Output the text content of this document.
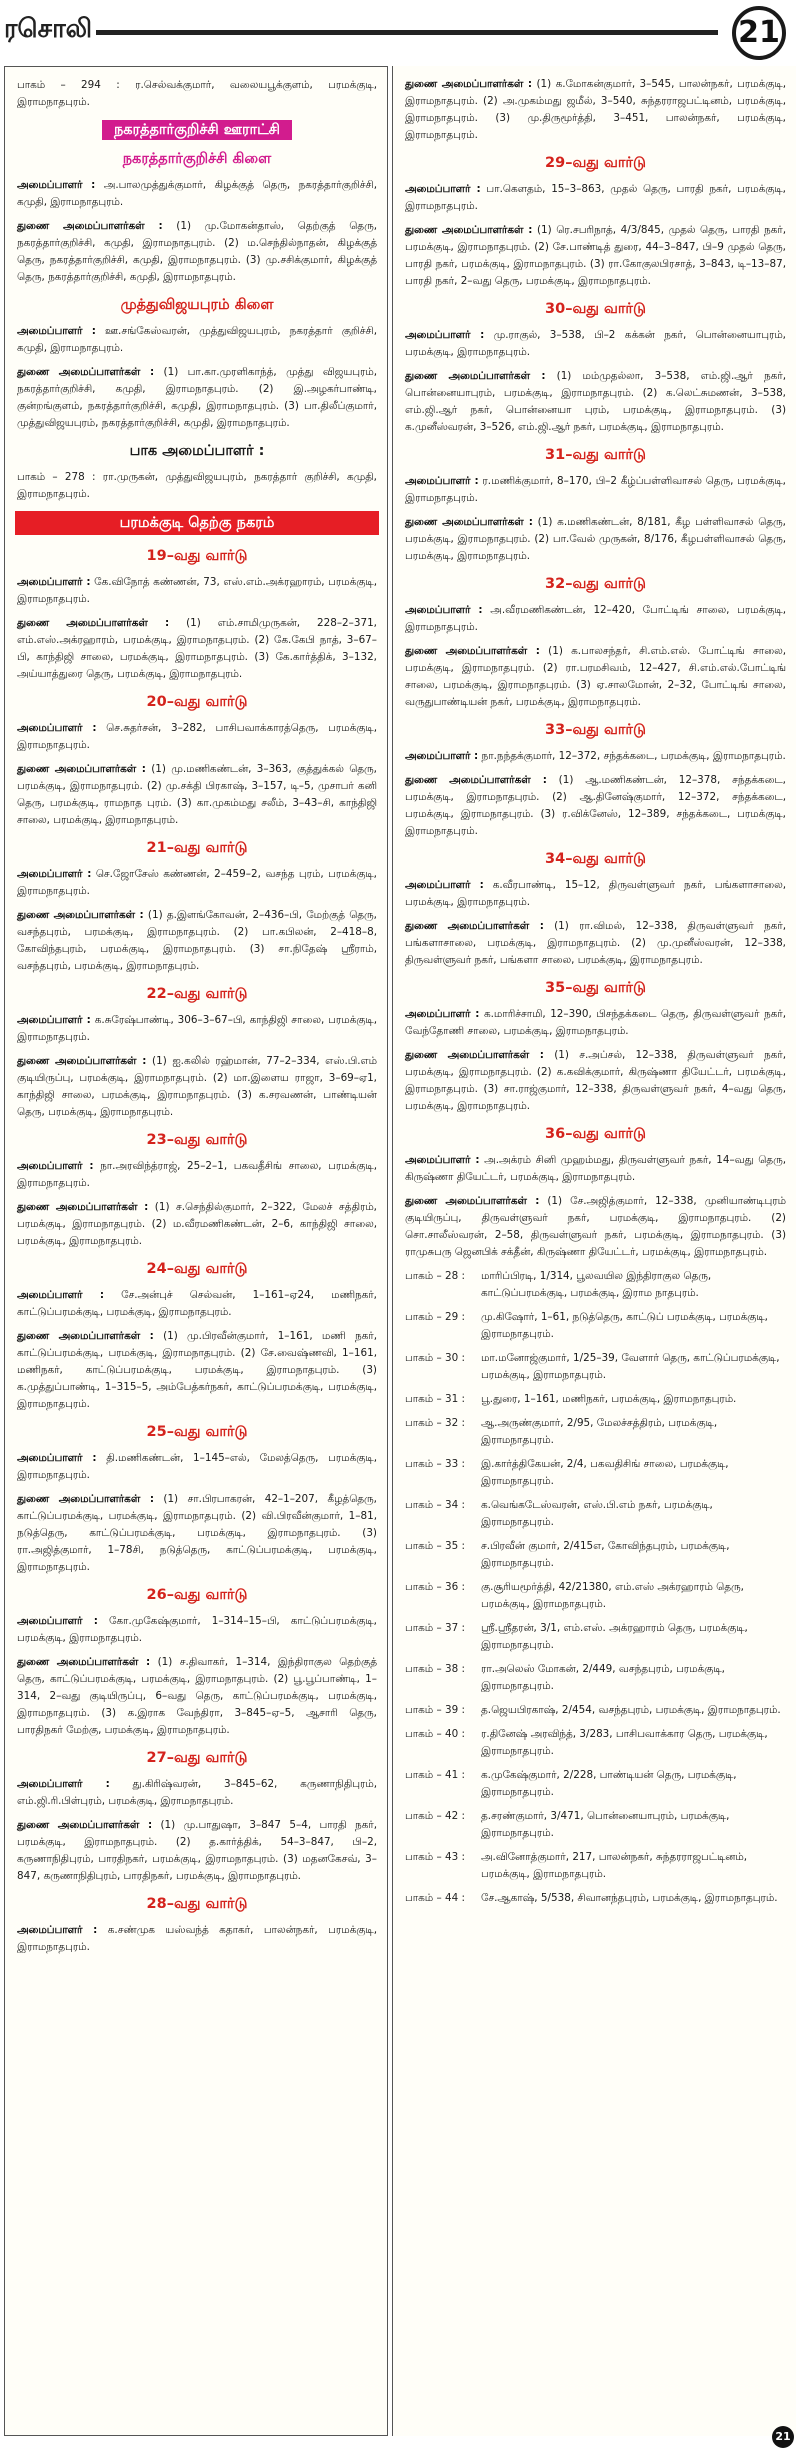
ரசொலி	21
பாகம் – 294 : ர.செல்வக்குமார், வலையபூக்குளம், பரமக்குடி, இராமநாதபுரம்.
நகரத்தார்குறிச்சி ஊராட்சி
நகரத்தார்குறிச்சி கிளை
அமைப்பாளர் : அ.பாலமுத்துக்குமார், கிழக்குத் தெரு, நகரத்தார்குறிச்சி, கமுதி, இராமநாதபுரம்.
துணை அமைப்பாளர்கள் : (1) மு.மோகன்தாஸ், தெற்குத் தெரு, நகரத்தார்குறிச்சி, கமுதி, இராமநாதபுரம். (2) ம.செந்தில்நாதன், கிழக்குத் தெரு, நகரத்தார்குறிச்சி, கமுதி, இராமநாதபுரம். (3) மு.சசிக்குமார், கிழக்குத் தெரு, நகரத்தார்குறிச்சி, கமுதி, இராமநாதபுரம்.
முத்துவிஜயபுரம் கிளை
அமைப்பாளர் : ஊ.சங்கேஸ்வரன், முத்துவிஜயபுரம், நகரத்தார் குறிச்சி, கமுதி, இராமநாதபுரம்.
துணை அமைப்பாளர்கள் : (1) பா.கா.முரளிகாந்த், முத்து விஜயபுரம், நகரத்தார்குறிச்சி, கமுதி, இராமநாதபுரம். (2) இ.அழகர்பாண்டி, குன்றங்குளம், நகரத்தார்குறிச்சி, கமுதி, இராமநாதபுரம். (3) பா.திலீப்குமார், முத்துவிஜயபுரம், நகரத்தார்குறிச்சி, கமுதி, இராமநாதபுரம்.
பாக அமைப்பாளர் :
பாகம் – 278 : ரா.முருகன், முத்துவிஜயபுரம், நகரத்தார் குறிச்சி, கமுதி, இராமநாதபுரம்.
பரமக்குடி தெற்கு நகரம்
19–வது வார்டு
அமைப்பாளர் : கே.விநோத் கண்ணன், 73, எஸ்.எம்.அக்ரஹாரம், பரமக்குடி, இராமநாதபுரம்.
துணை அமைப்பாளர்கள் : (1) எம்.சாமிமுருகன், 228–2–371, எம்.எஸ்.அக்ரஹாரம், பரமக்குடி, இராமநாதபுரம். (2) கே.கேபி நாத், 3–67–பி, காந்திஜி சாலை, பரமக்குடி, இராமநாதபுரம். (3) கே.கார்த்திக், 3–132, அய்யாத்துரை தெரு, பரமக்குடி, இராமநாதபுரம்.
20–வது வார்டு
அமைப்பாளர் : செ.சுதர்சன், 3–282, பாசிபவாக்காரத்தெரு, பரமக்குடி, இராமநாதபுரம்.
துணை அமைப்பாளர்கள் : (1) மு.மணிகண்டன், 3–363, குத்துக்கல் தெரு, பரமக்குடி, இராமநாதபுரம். (2) மு.சக்தி பிரகாஷ், 3–157, டி–5, முசாபர் கனி தெரு, பரமக்குடி, ராமநாத புரம். (3) கா.முகம்மது சலீம், 3–43–சி, காந்திஜி சாலை, பரமக்குடி, இராமநாதபுரம்.
21–வது வார்டு
அமைப்பாளர் : செ.ஜோசேஸ் கண்ணன், 2–459–2, வசந்த புரம், பரமக்குடி, இராமநாதபுரம்.
துணை அமைப்பாளர்கள் : (1) த.இளங்கோவன், 2–436–பி, மேற்குத் தெரு, வசந்தபுரம், பரமக்குடி, இராமநாதபுரம். (2) பா.கபிலன், 2–418–8, கோவிந்தபுரம், பரமக்குடி, இராமநாதபுரம். (3) சா.நிதேஷ் ஸ்ரீராம், வசந்தபுரம், பரமக்குடி, இராமநாதபுரம்.
22–வது வார்டு
அமைப்பாளர் : க.சுரேஷ்பாண்டி, 306–3–67–பி, காந்திஜி சாலை, பரமக்குடி, இராமநாதபுரம்.
துணை அமைப்பாளர்கள் : (1) ஐ.கலில் ரஹ்மான், 77–2–334, எஸ்.பி.எம் குடியிருப்பு, பரமக்குடி, இராமநாதபுரம். (2) மா.இளைய ராஜா, 3–69–ஏ1, காந்திஜி சாலை, பரமக்குடி, இராமநாதபுரம். (3) க.சரவணன், பாண்டியன் தெரு, பரமக்குடி, இராமநாதபுரம்.
23–வது வார்டு
அமைப்பாளர் : நா.அரவிந்த்ராஜ், 25–2–1, பகவதீசிங் சாலை, பரமக்குடி, இராமநாதபுரம்.
துணை அமைப்பாளர்கள் : (1) ச.செந்தில்குமார், 2–322, மேலச் சத்திரம், பரமக்குடி, இராமநாதபுரம். (2) ம.வீரமணிகண்டன், 2–6, காந்திஜி சாலை, பரமக்குடி, இராமநாதபுரம்.
24–வது வார்டு
அமைப்பாளர் : சே.அன்புச் செல்வன், 1–161–ஏ24, மணிநகர், காட்டுப்பரமக்குடி, பரமக்குடி, இராமநாதபுரம்.
துணை அமைப்பாளர்கள் : (1) மு.பிரவீன்குமார், 1–161, மணி நகர், காட்டுப்பரமக்குடி, பரமக்குடி, இராமநாதபுரம். (2) சே.வைஷ்ணவி, 1–161, மணிநகர், காட்டுப்பரமக்குடி, பரமக்குடி, இராமநாதபுரம். (3) க.முத்துப்பாண்டி, 1–315–5, அம்பேத்கர்நகர், காட்டுப்பரமக்குடி, பரமக்குடி, இராமநாதபுரம்.
25–வது வார்டு
அமைப்பாளர் : தி.மணிகண்டன், 1–145–எல், மேலத்தெரு, பரமக்குடி, இராமநாதபுரம்.
துணை அமைப்பாளர்கள் : (1) சா.பிரபாகரன், 42–1–207, கீழத்தெரு, காட்டுப்பரமக்குடி, பரமக்குடி, இராமநாதபுரம். (2) வி.பிரவீன்குமார், 1–81, நடுத்தெரு, காட்டுப்பரமக்குடி, பரமக்குடி, இராமநாதபுரம். (3) ரா.அஜித்குமார், 1–78சி, நடுத்தெரு, காட்டுப்பரமக்குடி, பரமக்குடி, இராமநாதபுரம்.
26–வது வார்டு
அமைப்பாளர் : கோ.முகேஷ்குமார், 1–314–15–பி, காட்டுப்பரமக்குடி, பரமக்குடி, இராமநாதபுரம்.
துணை அமைப்பாளர்கள் : (1) ச.திவாகர், 1–314, இந்திராகுல தெற்குத் தெரு, காட்டுப்பரமக்குடி, பரமக்குடி, இராமநாதபுரம். (2) பூ.பூப்பாண்டி, 1–314, 2–வது குடியிருப்பு, 6–வது தெரு, காட்டுப்பரமக்குடி, பரமக்குடி, இராமநாதபுரம். (3) க.இராக வேந்திரா, 3–845–ஏ–5, ஆசாரி தெரு, பாரதிநகர் மேற்கு, பரமக்குடி, இராமநாதபுரம்.
27–வது வார்டு
அமைப்பாளர் : து.கிரிஷ்வரன், 3–845–62, கருணாநிதிபுரம், எம்.ஜி.ரி.பிள்புரம், பரமக்குடி, இராமநாதபுரம்.
துணை அமைப்பாளர்கள் : (1) மு.பாதுஷா, 3–847 5–4, பாரதி நகர், பரமக்குடி, இராமநாதபுரம். (2) த.கார்த்திக், 54–3–847, பி–2, கருணாநிதிபுரம், பாரதிநகர், பரமக்குடி, இராமநாதபுரம். (3) மதனகேசவ், 3–847, கருணாநிதிபுரம், பாரதிநகர், பரமக்குடி, இராமநாதபுரம்.
28–வது வார்டு
அமைப்பாளர் : க.சண்முக யஸ்வந்த் கதாகர், பாலன்நகர், பரமக்குடி, இராமநாதபுரம்.
துணை அமைப்பாளர்கள் : (1) க.மோகன்குமார், 3–545, பாலன்நகர், பரமக்குடி, இராமநாதபுரம். (2) அ.முகம்மது ஜமீல், 3–540, சுந்தரராஜபட்டினம், பரமக்குடி, இராமநாதபுரம். (3) மு.திருமூர்த்தி, 3–451, பாலன்நகர், பரமக்குடி, இராமநாதபுரம்.
29–வது வார்டு
அமைப்பாளர் : பா.கௌதம், 15–3–863, முதல் தெரு, பாரதி நகர், பரமக்குடி, இராமநாதபுரம்.
துணை அமைப்பாளர்கள் : (1) ரெ.சபரிநாத், 4/3/845, முதல் தெரு, பாரதி நகர், பரமக்குடி, இராமநாதபுரம். (2) சே.பாண்டித் துரை, 44–3–847, பி–9 முதல் தெரு, பாரதி நகர், பரமக்குடி, இராமநாதபுரம். (3) ரா.கோகுலபிரசாத், 3–843, டி–13–87, பாரதி நகர், 2–வது தெரு, பரமக்குடி, இராமநாதபுரம்.
30–வது வார்டு
அமைப்பாளர் : மு.ராகுல், 3–538, பி–2 கக்கன் நகர், பொன்னையாபுரம், பரமக்குடி, இராமநாதபுரம்.
துணை அமைப்பாளர்கள் : (1) மம்முதல்லா, 3–538, எம்.ஜி.ஆர் நகர், பொன்னையாபுரம், பரமக்குடி, இராமநாதபுரம். (2) க.லெட்சுமணன், 3–538, எம்.ஜி.ஆர் நகர், பொன்னையா புரம், பரமக்குடி, இராமநாதபுரம். (3) க.முனீஸ்வரன், 3–526, எம்.ஜி.ஆர் நகர், பரமக்குடி, இராமநாதபுரம்.
31–வது வார்டு
அமைப்பாளர் : ர.மணிக்குமார், 8–170, பி–2 கீழ்ப்பள்ளிவாசல் தெரு, பரமக்குடி, இராமநாதபுரம்.
துணை அமைப்பாளர்கள் : (1) க.மணிகண்டன், 8/181, கீழ பள்ளிவாசல் தெரு, பரமக்குடி, இராமநாதபுரம். (2) பா.வேல் முருகன், 8/176, கீழபள்ளிவாசல் தெரு, பரமக்குடி, இராமநாதபுரம்.
32–வது வார்டு
அமைப்பாளர் : அ.வீரமணிகண்டன், 12–420, போட்டிங் சாலை, பரமக்குடி, இராமநாதபுரம்.
துணை அமைப்பாளர்கள் : (1) க.பாலசந்தர், சி.எம்.எல். போட்டிங் சாலை, பரமக்குடி, இராமநாதபுரம். (2) ரா.பரமசிவம், 12–427, சி.எம்.எல்.போட்டிங் சாலை, பரமக்குடி, இராமநாதபுரம். (3) ஏ.சாலமோன், 2–32, போட்டிங் சாலை, வருதுபாண்டியன் நகர், பரமக்குடி, இராமநாதபுரம்.
33–வது வார்டு
அமைப்பாளர் : நா.நந்தக்குமார், 12–372, சந்தக்கடை, பரமக்குடி, இராமநாதபுரம்.
துணை அமைப்பாளர்கள் : (1) ஆ.மணிகண்டன், 12–378, சந்தக்கடை, பரமக்குடி, இராமநாதபுரம். (2) ஆ.தினேஷ்குமார், 12–372, சந்தக்கடை, பரமக்குடி, இராமநாதபுரம். (3) ர.விக்னேஸ், 12–389, சந்தக்கடை, பரமக்குடி, இராமநாதபுரம்.
34–வது வார்டு
அமைப்பாளர் : க.வீரபாண்டி, 15–12, திருவள்ளுவர் நகர், பங்களாசாலை, பரமக்குடி, இராமநாதபுரம்.
துணை அமைப்பாளர்கள் : (1) ரா.விமல், 12–338, திருவள்ளுவர் நகர், பங்களாசாலை, பரமக்குடி, இராமநாதபுரம். (2) மு.முனீஸ்வரன், 12–338, திருவள்ளுவர் நகர், பங்களா சாலை, பரமக்குடி, இராமநாதபுரம்.
35–வது வார்டு
அமைப்பாளர் : க.மாரிச்சாமி, 12–390, பிசந்தக்கடை தெரு, திருவள்ளுவர் நகர், வேந்தோணி சாலை, பரமக்குடி, இராமநாதபுரம்.
துணை அமைப்பாளர்கள் : (1) ச.அப்சல், 12–338, திருவள்ளுவர் நகர், பரமக்குடி, இராமநாதபுரம். (2) க.கவிக்குமார், கிருஷ்ணா தியேட்டர், பரமக்குடி, இராமநாதபுரம். (3) சா.ராஜ்குமார், 12–338, திருவள்ளுவர் நகர், 4–வது தெரு, பரமக்குடி, இராமநாதபுரம்.
36–வது வார்டு
அமைப்பாளர் : அ.அக்ரம் சினி முஹம்மது, திருவள்ளுவர் நகர், 14–வது தெரு, கிருஷ்ணா தியேட்டர், பரமக்குடி, இராமநாதபுரம்.
துணை அமைப்பாளர்கள் : (1) சே.அஜித்குமார், 12–338, முனியாண்டிபுரம் குடியிருப்பு, திருவள்ளுவர் நகர், பரமக்குடி, இராமநாதபுரம். (2) சொ.சாலீஸ்வரன், 2–58, திருவள்ளுவர் நகர், பரமக்குடி, இராமநாதபுரம். (3) ராமுசுபரு ஜெனபிக் சக்தீன், கிருஷ்ணா தியேட்டர், பரமக்குடி, இராமநாதபுரம்.
பாகம் – 28 :	மாரிப்பிரடி, 1/314, பூலவயில இந்திராகுல தெரு, காட்டுப்பரமக்குடி, பரமக்குடி, இராம நாதபுரம்.
பாகம் – 29 :	மு.கிஷோர், 1–61, நடுத்தெரு, காட்டுப் பரமக்குடி, பரமக்குடி, இராமநாதபுரம்.
பாகம் – 30 :	மா.மனோஜ்குமார், 1/25–39, வேளார் தெரு, காட்டுப்பரமக்குடி, பரமக்குடி, இராமநாதபுரம்.
பாகம் – 31 :	பூ.துரை, 1–161, மணிநகர், பரமக்குடி, இராமநாதபுரம்.
பாகம் – 32 :	ஆ.அருண்குமார், 2/95, மேலச்சத்திரம், பரமக்குடி, இராமநாதபுரம்.
பாகம் – 33 :	இ.கார்த்திகேயன், 2/4, பகவதிசிங் சாலை, பரமக்குடி, இராமநாதபுரம்.
பாகம் – 34 :	க.வெங்கடேஸ்வரன், எஸ்.பி.எம் நகர், பரமக்குடி, இராமநாதபுரம்.
பாகம் – 35 :	ச.பிரவீன் குமார், 2/415எ, கோவிந்தபுரம், பரமக்குடி, இராமநாதபுரம்.
பாகம் – 36 :	கு.சூரியமூர்த்தி, 42/21380, எம்.எஸ் அக்ரஹாரம் தெரு, பரமக்குடி, இராமநாதபுரம்.
பாகம் – 37 :	ஸ்ரீ.ஸ்ரீதரன், 3/1, எம்.எஸ். அக்ரஹாரம் தெரு, பரமக்குடி, இராமநாதபுரம்.
பாகம் – 38 :	ரா.அலெஸ் மோகன், 2/449, வசந்தபுரம், பரமக்குடி, இராமநாதபுரம்.
பாகம் – 39 :	த.ஜெயபிரகாஷ், 2/454, வசந்தபுரம், பரமக்குடி, இராமநாதபுரம்.
பாகம் – 40 :	ர.தினேஷ் அரவிந்த், 3/283, பாசிபவாக்கார தெரு, பரமக்குடி, இராமநாதபுரம்.
பாகம் – 41 :	க.முகேஷ்குமார், 2/228, பாண்டியன் தெரு, பரமக்குடி, இராமநாதபுரம்.
பாகம் – 42 :	த.சரண்குமார், 3/471, பொன்னையாபுரம், பரமக்குடி, இராமநாதபுரம்.
பாகம் – 43 :	அ.வினோத்குமார், 217, பாலன்நகர், சுந்தரராஜபட்டினம், பரமக்குடி, இராமநாதபுரம்.
பாகம் – 44 :	சே.ஆகாஷ், 5/538, சிவானந்தபுரம், பரமக்குடி, இராமநாதபுரம்.
21
